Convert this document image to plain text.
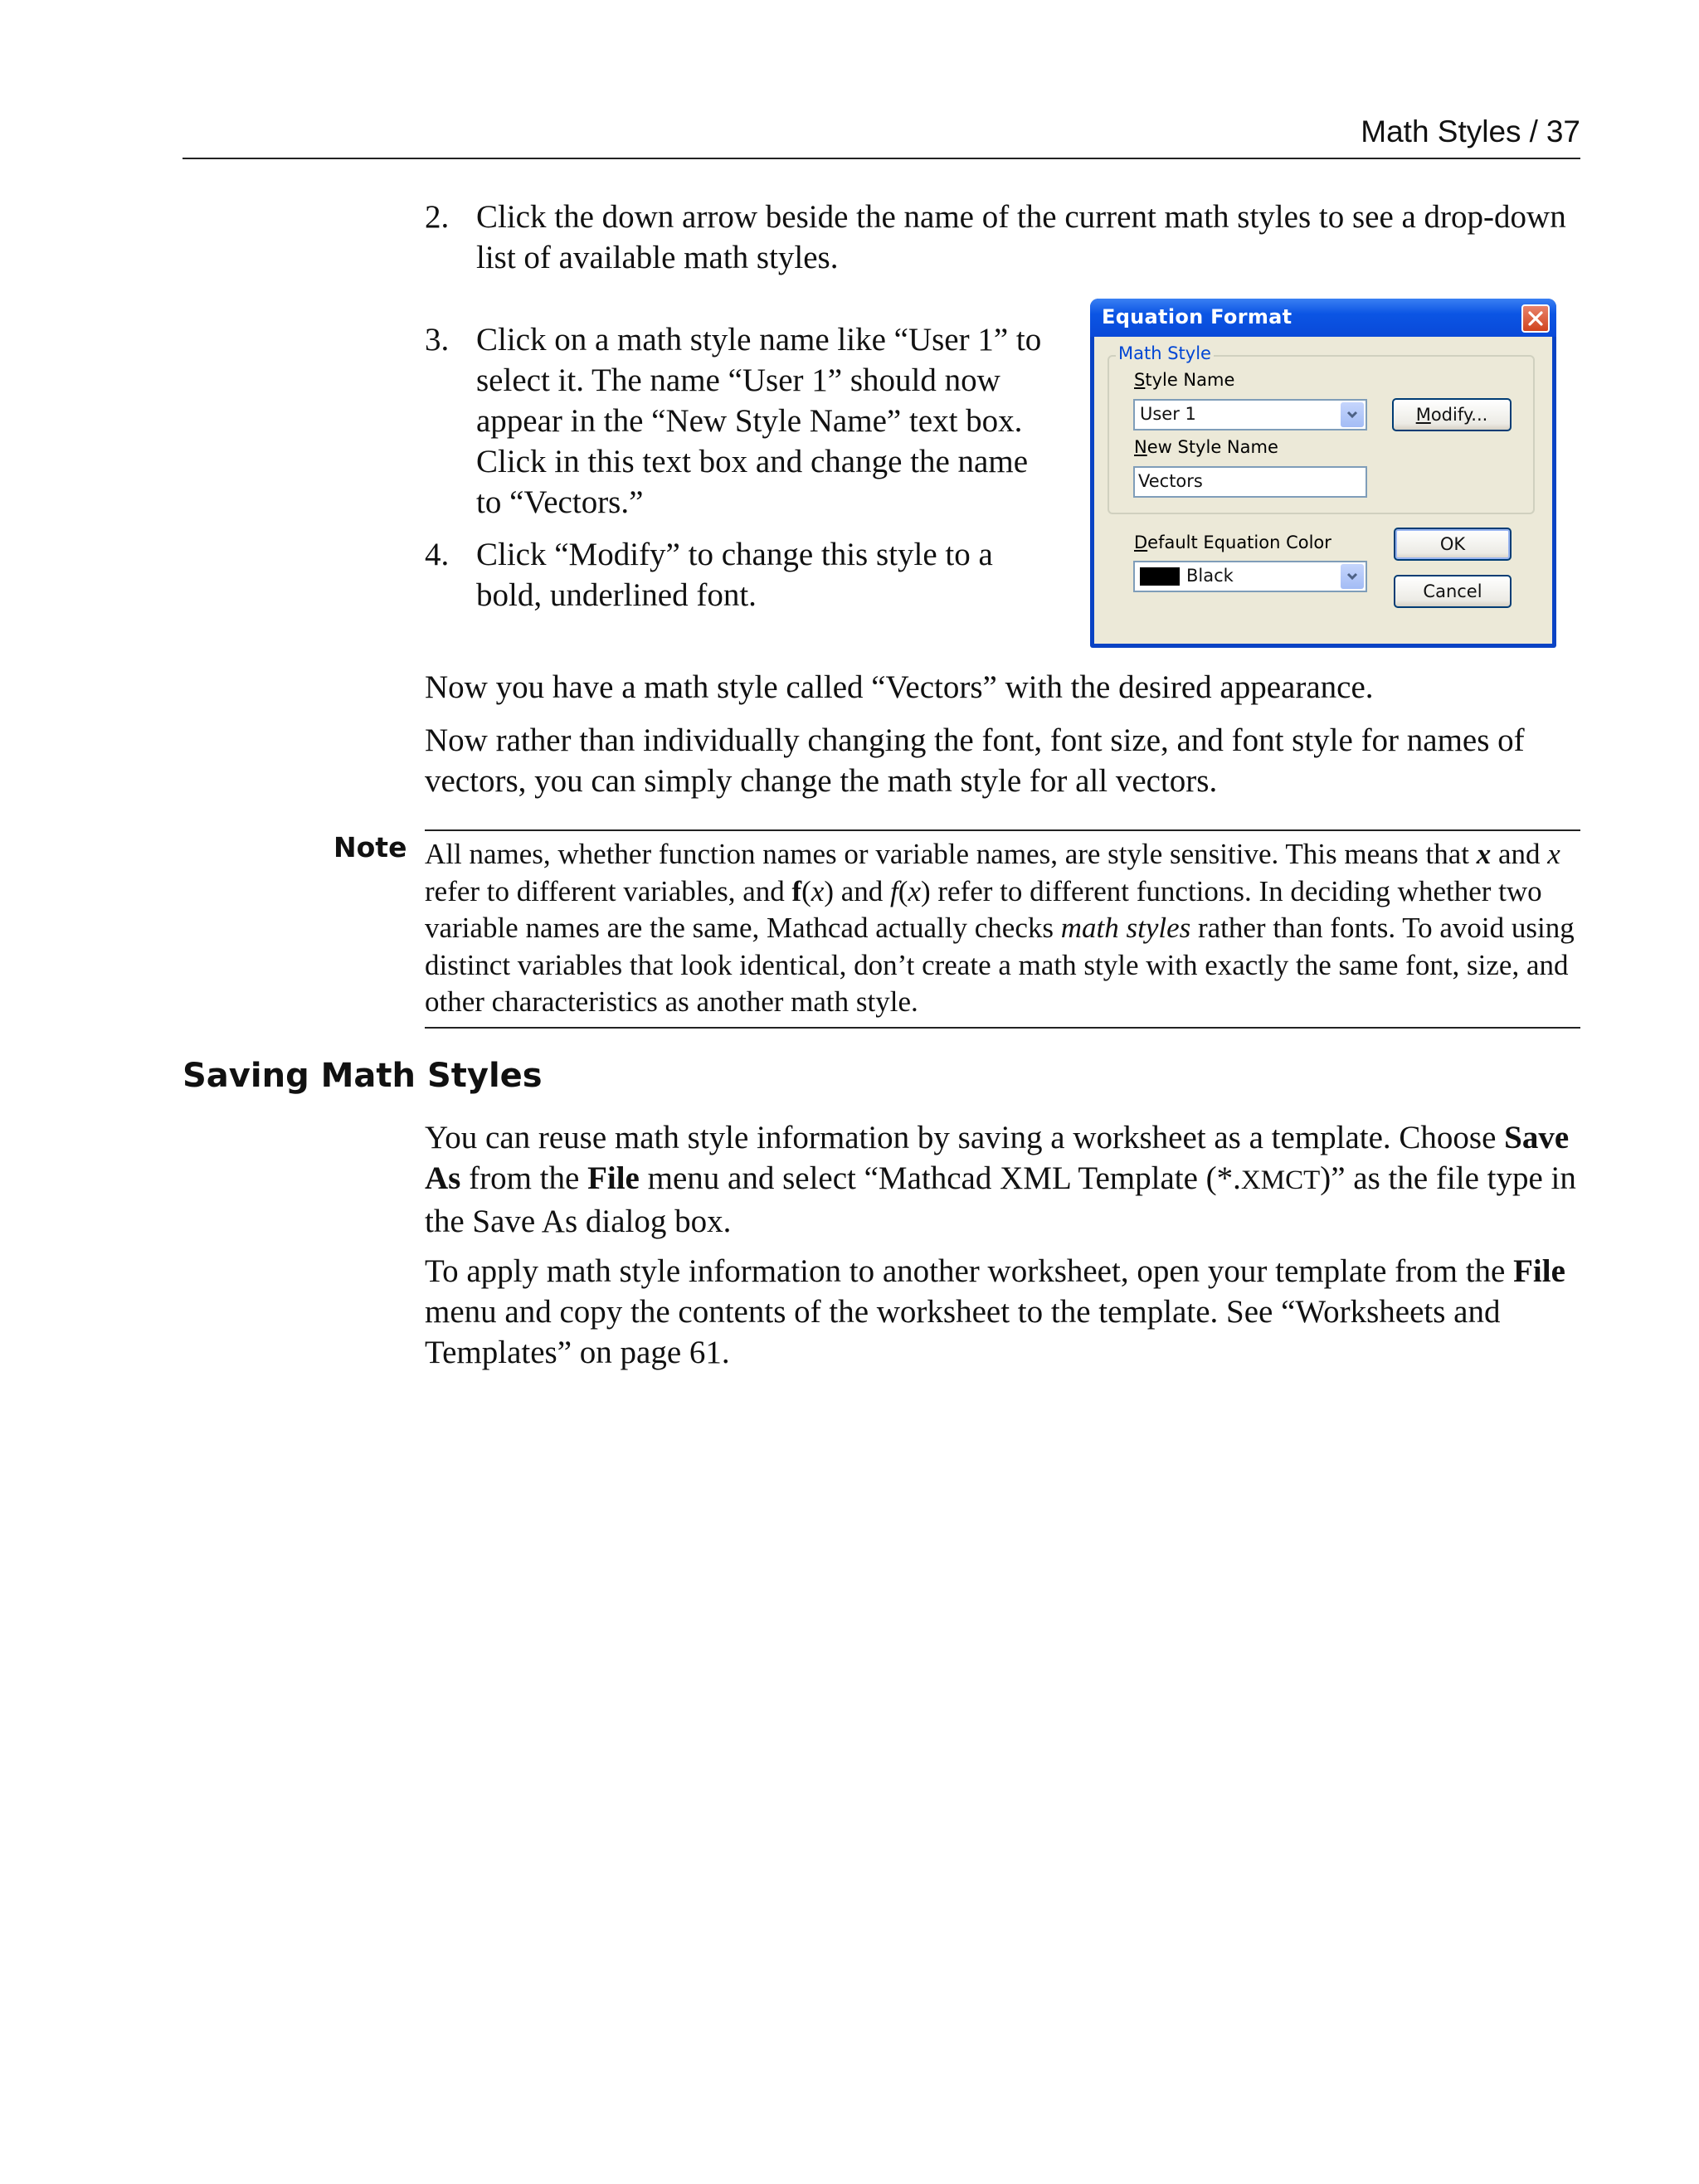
Math Styles / 37
2. Click the down arrow beside the name of the current math styles to see a drop-down list of available math styles.
3. Click on a math style name like “User 1” to select it. The name “User 1” should now appear in the “New Style Name” text box. Click in this text box and change the name to “Vectors.”
4. Click “Modify” to change this style to a bold, underlined font.
Equation Format
Math Style
Style Name
User 1	Modify...
New Style Name
Vectors
Default Equation Color
Black
OK
Cancel
Now you have a math style called “Vectors” with the desired appearance.
Now rather than individually changing the font, font size, and font style for names of vectors, you can simply change the math style for all vectors.
Note All names, whether function names or variable names, are style sensitive. This means that x and x refer to different variables, and f(x) and f(x) refer to different functions. In deciding whether two variable names are the same, Mathcad actually checks math styles rather than fonts. To avoid using distinct variables that look identical, don’t create a math style with exactly the same font, size, and other characteristics as another math style.
Saving Math Styles
You can reuse math style information by saving a worksheet as a template. Choose Save As from the File menu and select “Mathcad XML Template (*.XMCT)” as the file type in the Save As dialog box.
To apply math style information to another worksheet, open your template from the File menu and copy the contents of the worksheet to the template. See “Worksheets and Templates” on page 61.
